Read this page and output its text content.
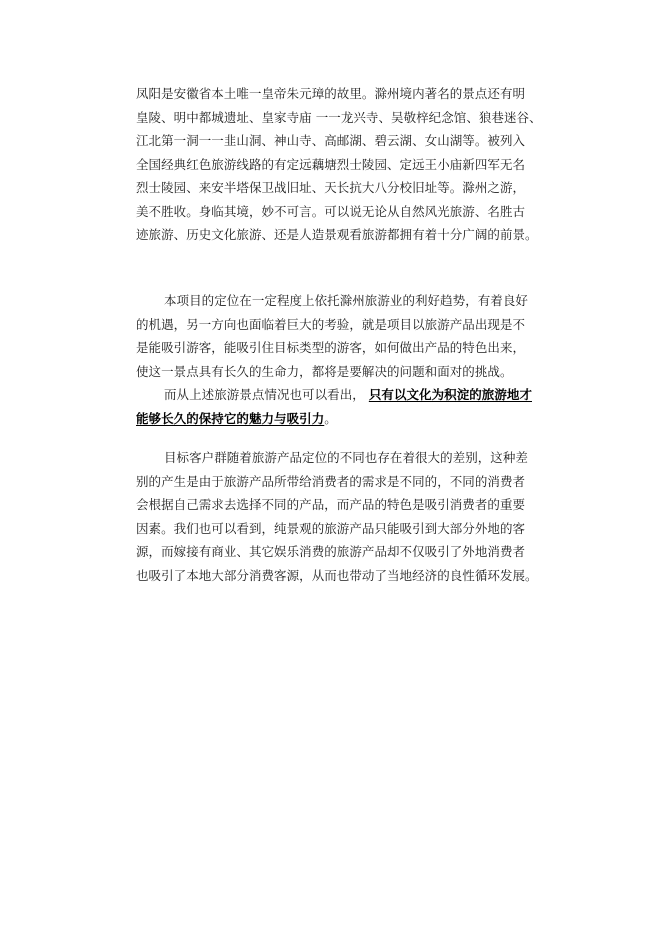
凤阳是安徽省本土唯一皇帝朱元璋的故里。滁州境内著名的景点还有明
皇陵、明中都城遗址、皇家寺庙 一一龙兴寺、吴敬梓纪念馆、狼巷迷谷、
江北第一洞一一韭山洞、神山寺、高邮湖、碧云湖、女山湖等。被列入
全国经典红色旅游线路的有定远藕塘烈士陵园、定远王小庙新四军无名
烈士陵园、来安半塔保卫战旧址、天长抗大八分校旧址等。滁州之游，
美不胜收。身临其境，妙不可言。可以说无论从自然风光旅游、名胜古
迹旅游、历史文化旅游、还是人造景观看旅游都拥有着十分广阔的前景。
本项目的定位在一定程度上依托滁州旅游业的利好趋势，有着良好
的机遇，另一方向也面临着巨大的考验，就是项目以旅游产品出现是不
是能吸引游客，能吸引住目标类型的游客，如何做出产品的特色出来，
使这一景点具有长久的生命力，都将是要解决的问题和面对的挑战。
而从上述旅游景点情况也可以看出， 只有以文化为积淀的旅游地才
能够长久的保持它的魅力与吸引力。
目标客户群随着旅游产品定位的不同也存在着很大的差别，这种差
别的产生是由于旅游产品所带给消费者的需求是不同的，不同的消费者
会根据自己需求去选择不同的产品，而产品的特色是吸引消费者的重要
因素。我们也可以看到，纯景观的旅游产品只能吸引到大部分外地的客
源，而嫁接有商业、其它娱乐消费的旅游产品却不仅吸引了外地消费者
也吸引了本地大部分消费客源，从而也带动了当地经济的良性循环发展。
